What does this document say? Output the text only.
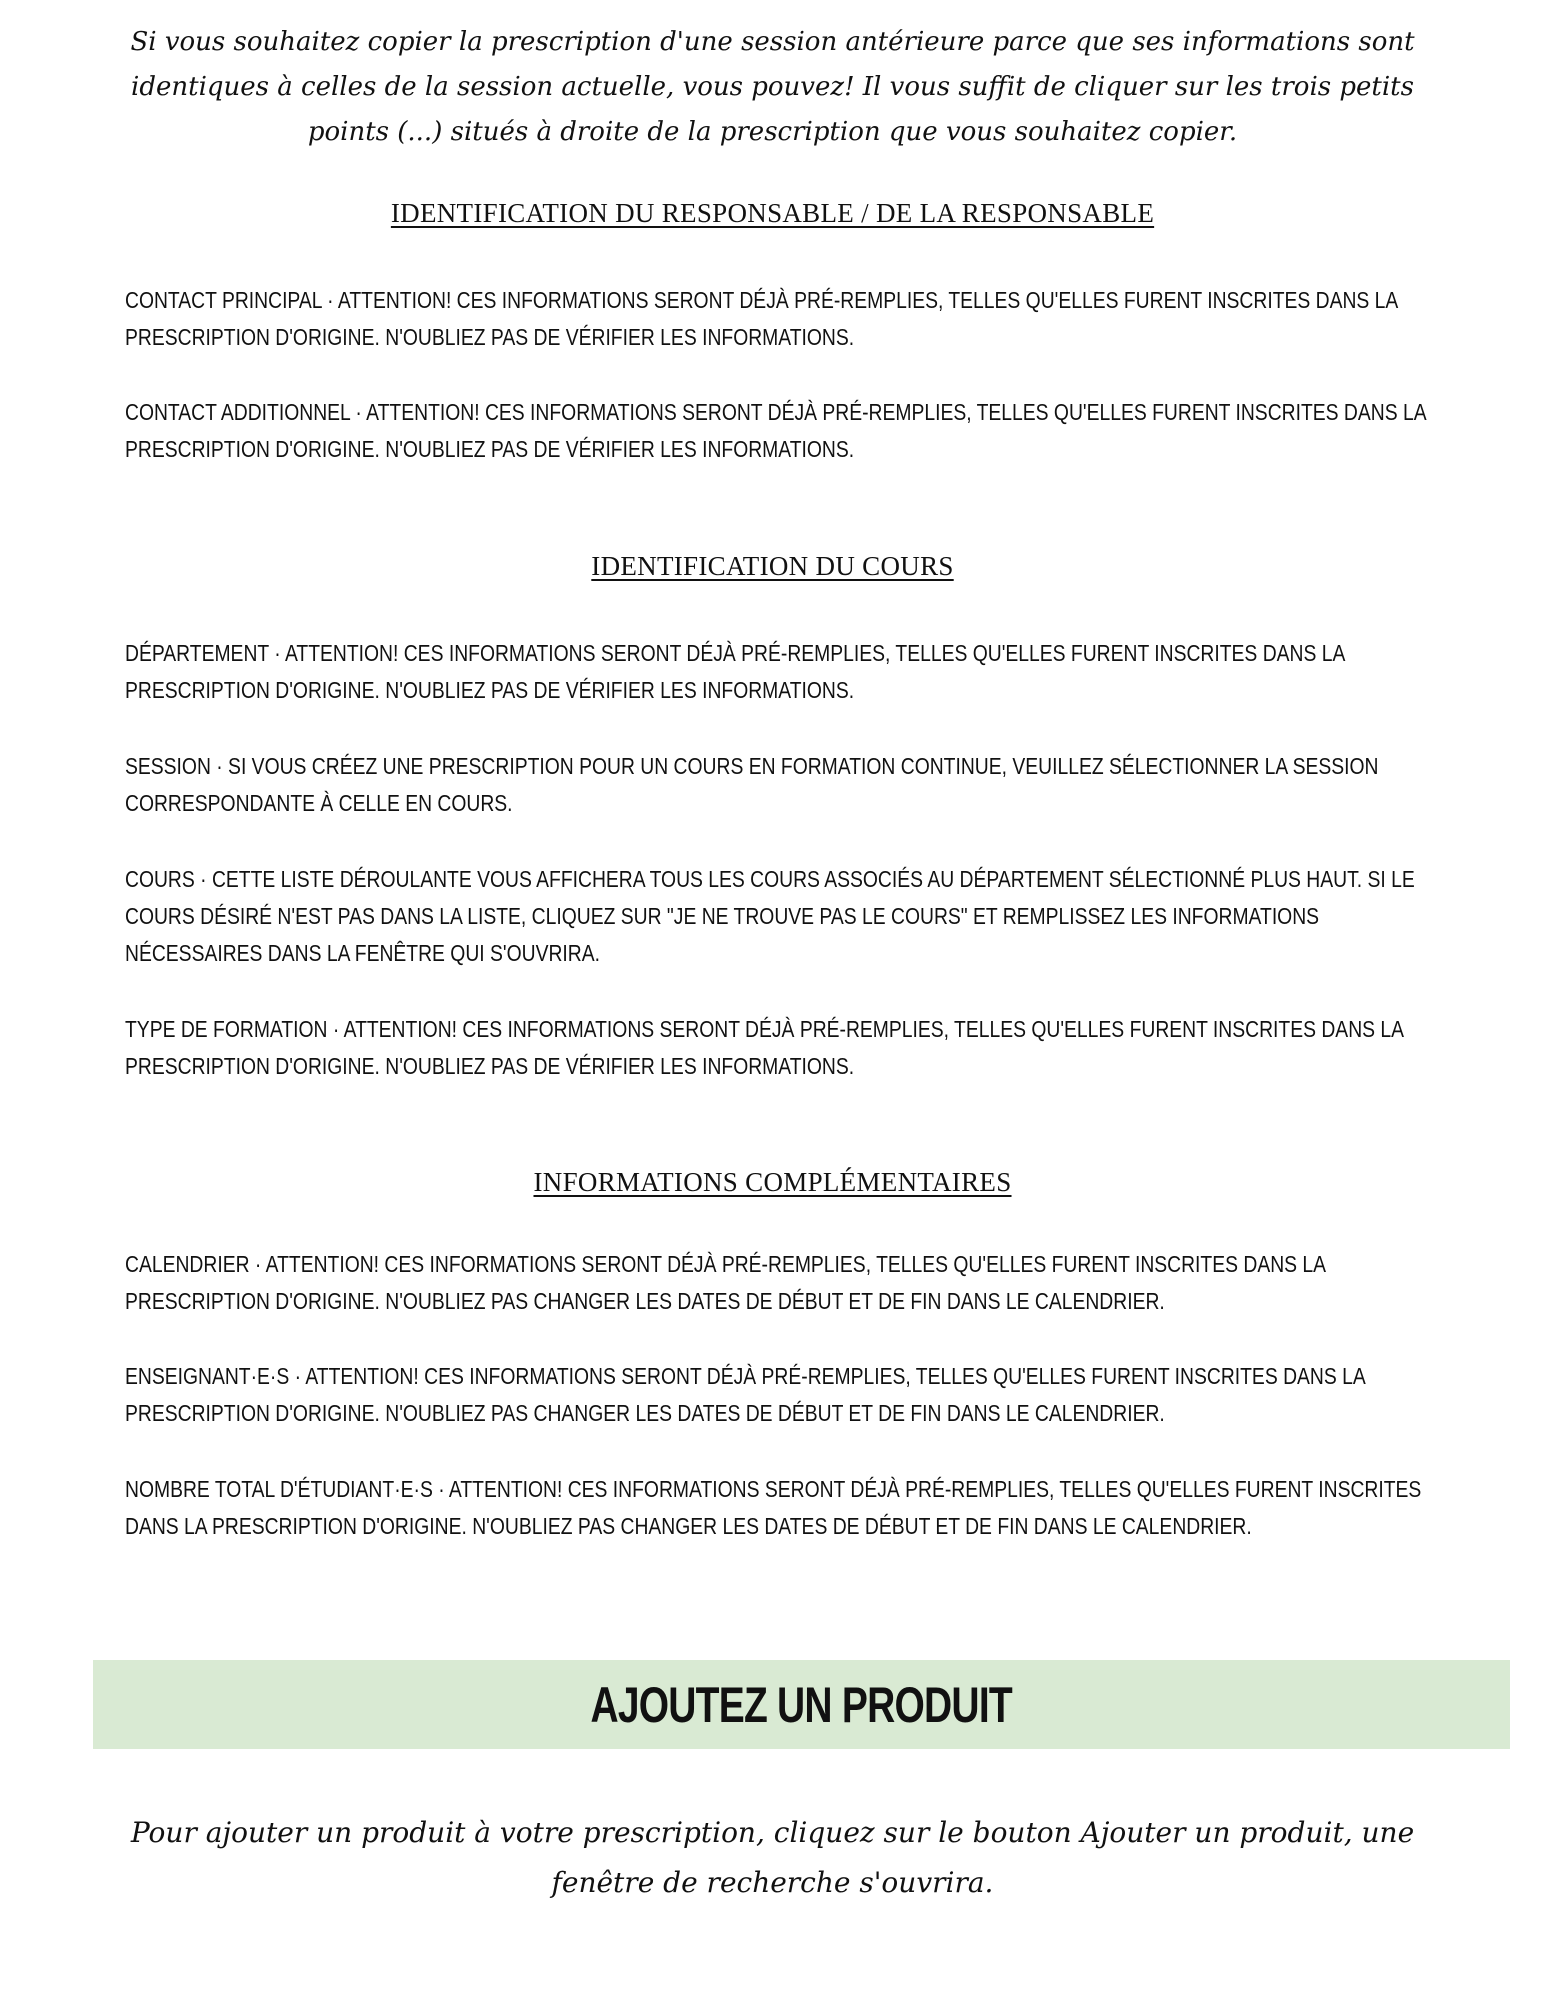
Si vous souhaitez copier la prescription d'une session antérieure parce que ses informations sont identiques à celles de la session actuelle, vous pouvez! Il vous suffit de cliquer sur les trois petits points (...) situés à droite de la prescription que vous souhaitez copier.

IDENTIFICATION DU RESPONSABLE / DE LA RESPONSABLE

CONTACT PRINCIPAL · ATTENTION! CES INFORMATIONS SERONT DÉJÀ PRÉ-REMPLIES, TELLES QU'ELLES FURENT INSCRITES DANS LA PRESCRIPTION D'ORIGINE. N'OUBLIEZ PAS DE VÉRIFIER LES INFORMATIONS.

CONTACT ADDITIONNEL · ATTENTION! CES INFORMATIONS SERONT DÉJÀ PRÉ-REMPLIES, TELLES QU'ELLES FURENT INSCRITES DANS LA PRESCRIPTION D'ORIGINE. N'OUBLIEZ PAS DE VÉRIFIER LES INFORMATIONS.

IDENTIFICATION DU COURS

DÉPARTEMENT · ATTENTION! CES INFORMATIONS SERONT DÉJÀ PRÉ-REMPLIES, TELLES QU'ELLES FURENT INSCRITES DANS LA PRESCRIPTION D'ORIGINE. N'OUBLIEZ PAS DE VÉRIFIER LES INFORMATIONS.

SESSION · SI VOUS CRÉEZ UNE PRESCRIPTION POUR UN COURS EN FORMATION CONTINUE, VEUILLEZ SÉLECTIONNER LA SESSION CORRESPONDANTE À CELLE EN COURS.

COURS · CETTE LISTE DÉROULANTE VOUS AFFICHERA TOUS LES COURS ASSOCIÉS AU DÉPARTEMENT SÉLECTIONNÉ PLUS HAUT. SI LE COURS DÉSIRÉ N'EST PAS DANS LA LISTE, CLIQUEZ SUR "JE NE TROUVE PAS LE COURS" ET REMPLISSEZ LES INFORMATIONS NÉCESSAIRES DANS LA FENÊTRE QUI S'OUVRIRA.

TYPE DE FORMATION · ATTENTION! CES INFORMATIONS SERONT DÉJÀ PRÉ-REMPLIES, TELLES QU'ELLES FURENT INSCRITES DANS LA PRESCRIPTION D'ORIGINE. N'OUBLIEZ PAS DE VÉRIFIER LES INFORMATIONS.

INFORMATIONS COMPLÉMENTAIRES

CALENDRIER · ATTENTION! CES INFORMATIONS SERONT DÉJÀ PRÉ-REMPLIES, TELLES QU'ELLES FURENT INSCRITES DANS LA PRESCRIPTION D'ORIGINE. N'OUBLIEZ PAS CHANGER LES DATES DE DÉBUT ET DE FIN DANS LE CALENDRIER.

ENSEIGNANT·E·S · ATTENTION! CES INFORMATIONS SERONT DÉJÀ PRÉ-REMPLIES, TELLES QU'ELLES FURENT INSCRITES DANS LA PRESCRIPTION D'ORIGINE. N'OUBLIEZ PAS CHANGER LES DATES DE DÉBUT ET DE FIN DANS LE CALENDRIER.

NOMBRE TOTAL D'ÉTUDIANT·E·S · ATTENTION! CES INFORMATIONS SERONT DÉJÀ PRÉ-REMPLIES, TELLES QU'ELLES FURENT INSCRITES DANS LA PRESCRIPTION D'ORIGINE. N'OUBLIEZ PAS CHANGER LES DATES DE DÉBUT ET DE FIN DANS LE CALENDRIER.

AJOUTEZ UN PRODUIT

Pour ajouter un produit à votre prescription, cliquez sur le bouton Ajouter un produit, une fenêtre de recherche s'ouvrira.
